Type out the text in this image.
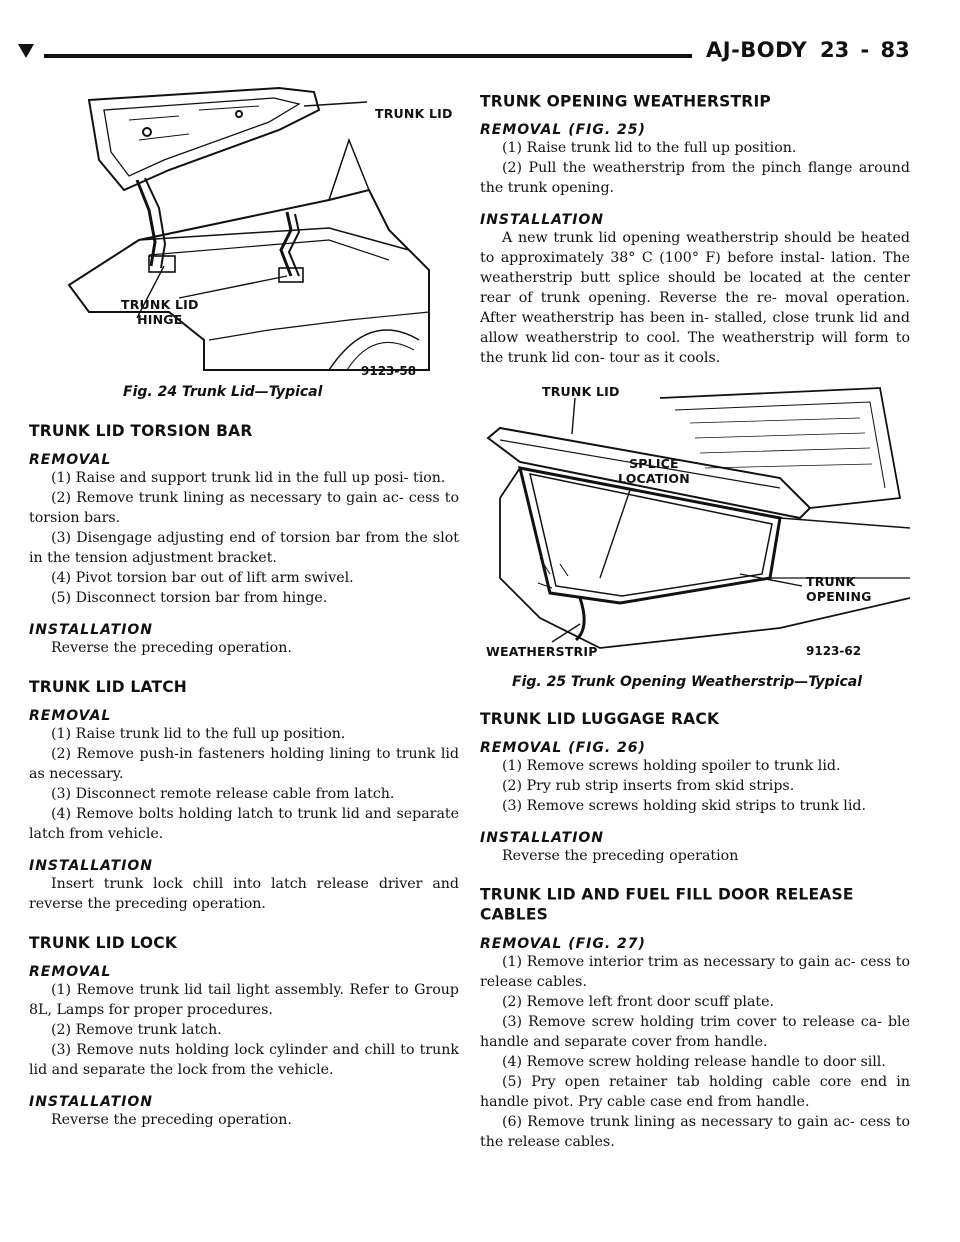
AJ-BODY 23 - 83
TRUNK LID
TRUNK LID
HINGE
9123-58
Fig. 24 Trunk Lid—Typical
TRUNK LID TORSION BAR
REMOVAL

(1) Raise and support trunk lid in the full up posi- tion.

(2) Remove trunk lining as necessary to gain ac- cess to torsion bars.

(3) Disengage adjusting end of torsion bar from the slot in the tension adjustment bracket.

(4) Pivot torsion bar out of lift arm swivel.

(5) Disconnect torsion bar from hinge.

INSTALLATION

Reverse the preceding operation.

TRUNK LID LATCH
REMOVAL

(1) Raise trunk lid to the full up position.

(2) Remove push-in fasteners holding lining to trunk lid as necessary.

(3) Disconnect remote release cable from latch.

(4) Remove bolts holding latch to trunk lid and separate latch from vehicle.

INSTALLATION

Insert trunk lock chill into latch release driver and reverse the preceding operation.

TRUNK LID LOCK
REMOVAL

(1) Remove trunk lid tail light assembly. Refer to Group 8L, Lamps for proper procedures.

(2) Remove trunk latch.

(3) Remove nuts holding lock cylinder and chill to trunk lid and separate the lock from the vehicle.

INSTALLATION

Reverse the preceding operation.

TRUNK OPENING WEATHERSTRIP
REMOVAL (FIG. 25)

(1) Raise trunk lid to the full up position.

(2) Pull the weatherstrip from the pinch flange around the trunk opening.

INSTALLATION

A new trunk lid opening weatherstrip should be heated to approximately 38° C (100° F) before instal- lation. The weatherstrip butt splice should be located at the center rear of trunk opening. Reverse the re- moval operation. After weatherstrip has been in- stalled, close trunk lid and allow weatherstrip to cool. The weatherstrip will form to the trunk lid con- tour as it cools.

TRUNK LID
SPLICE
LOCATION
TRUNK
OPENING
WEATHERSTRIP	9123-62
Fig. 25 Trunk Opening Weatherstrip—Typical
TRUNK LID LUGGAGE RACK
REMOVAL (FIG. 26)

(1) Remove screws holding spoiler to trunk lid.

(2) Pry rub strip inserts from skid strips.

(3) Remove screws holding skid strips to trunk lid.

INSTALLATION

Reverse the preceding operation

TRUNK LID AND FUEL FILL DOOR RELEASE
CABLES
REMOVAL (FIG. 27)

(1) Remove interior trim as necessary to gain ac- cess to release cables.

(2) Remove left front door scuff plate.

(3) Remove screw holding trim cover to release ca- ble handle and separate cover from handle.

(4) Remove screw holding release handle to door sill.

(5) Pry open retainer tab holding cable core end in handle pivot. Pry cable case end from handle.

(6) Remove trunk lining as necessary to gain ac- cess to the release cables.
